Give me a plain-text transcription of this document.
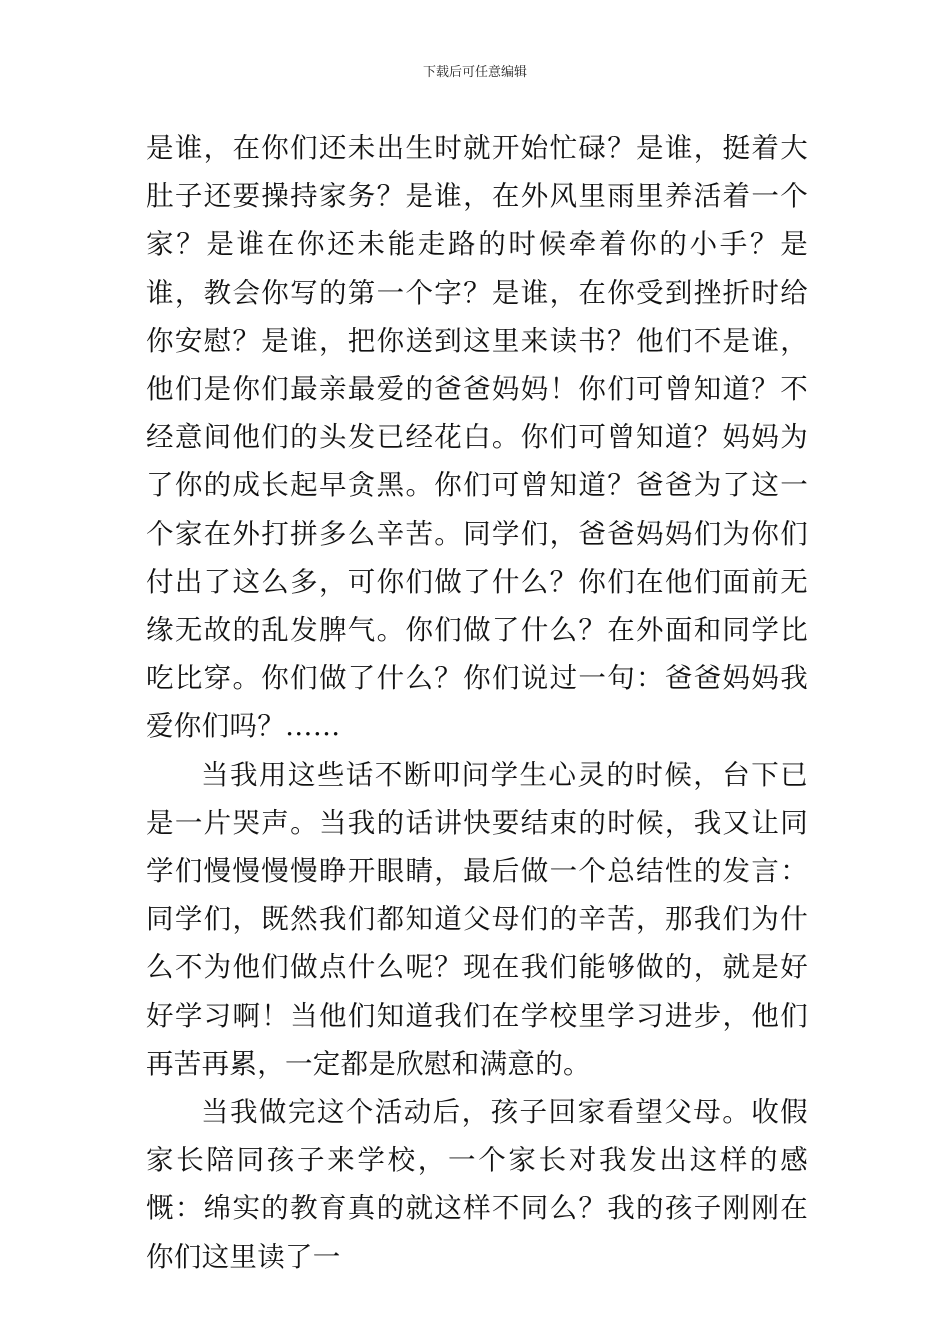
下载后可任意编辑

是谁，在你们还未出生时就开始忙碌？是谁，挺着大肚子还要操持家务？是谁，在外风里雨里养活着一个家？是谁在你还未能走路的时候牵着你的小手？是谁，教会你写的第一个字？是谁，在你受到挫折时给你安慰？是谁，把你送到这里来读书？他们不是谁，他们是你们最亲最爱的爸爸妈妈！你们可曾知道？不经意间他们的头发已经花白。你们可曾知道？妈妈为了你的成长起早贪黑。你们可曾知道？爸爸为了这一个家在外打拼多么辛苦。同学们，爸爸妈妈们为你们付出了这么多，可你们做了什么？你们在他们面前无缘无故的乱发脾气。你们做了什么？在外面和同学比吃比穿。你们做了什么？你们说过一句：爸爸妈妈我爱你们吗？……

当我用这些话不断叩问学生心灵的时候，台下已是一片哭声。当我的话讲快要结束的时候，我又让同学们慢慢慢慢睁开眼睛，最后做一个总结性的发言：同学们，既然我们都知道父母们的辛苦，那我们为什么不为他们做点什么呢？现在我们能够做的，就是好好学习啊！当他们知道我们在学校里学习进步，他们再苦再累，一定都是欣慰和满意的。

当我做完这个活动后，孩子回家看望父母。收假家长陪同孩子来学校，一个家长对我发出这样的感慨：绵实的教育真的就这样不同么？我的孩子刚刚在你们这里读了一
